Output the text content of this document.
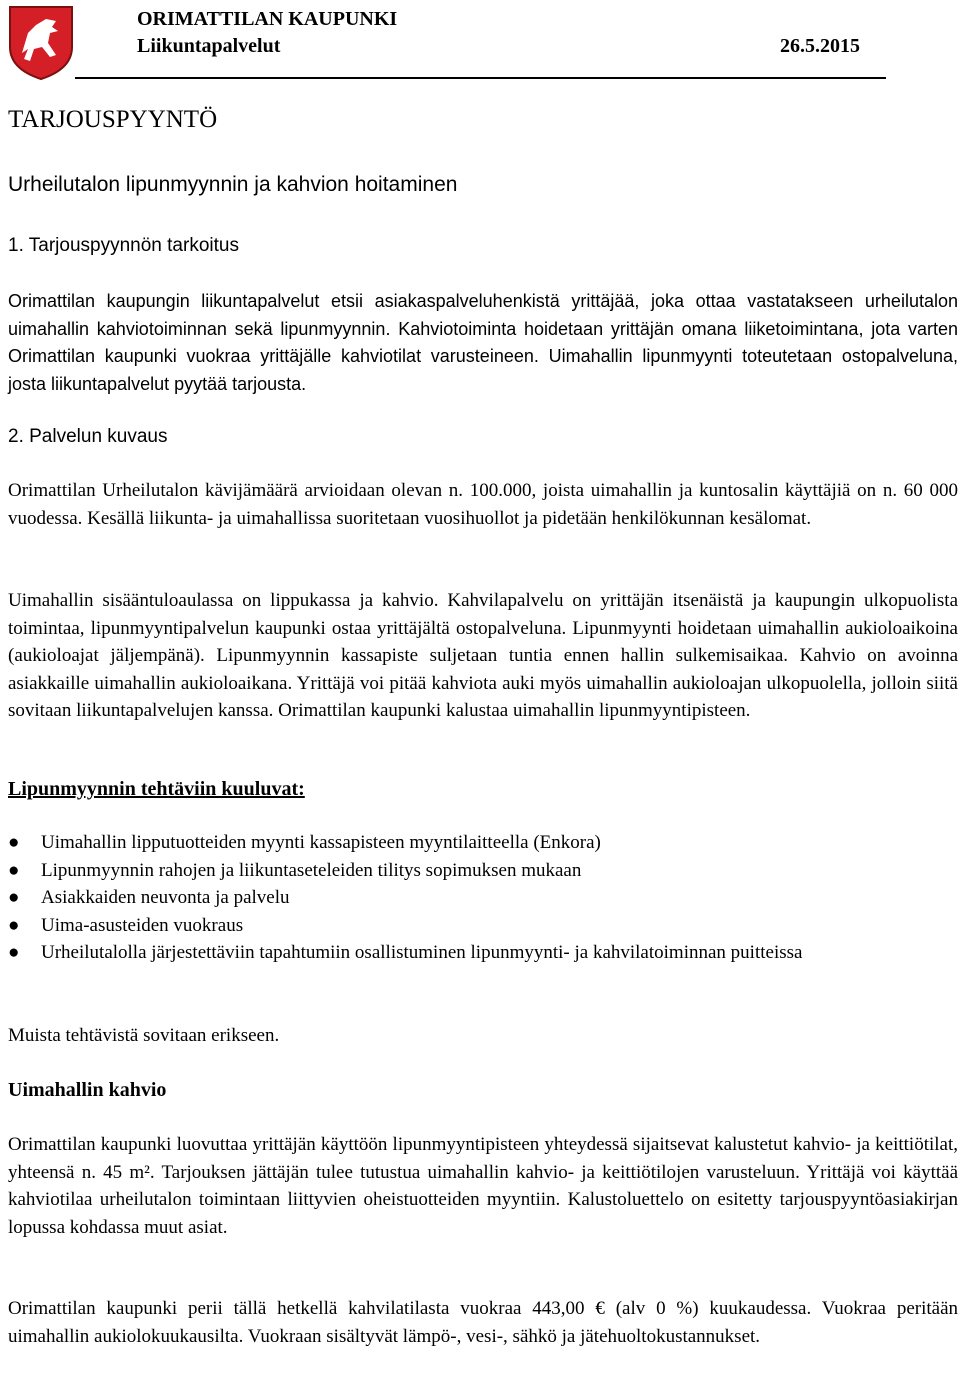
ORIMATTILAN KAUPUNKI
Liikuntapalvelut	26.5.2015
TARJOUSPYYNTÖ
Urheilutalon lipunmyynnin ja kahvion hoitaminen
1. Tarjouspyynnön tarkoitus

Orimattilan kaupungin liikuntapalvelut etsii asiakaspalveluhenkistä yrittäjää, joka ottaa vastatakseen urheilutalon uimahallin kahviotoiminnan sekä lipunmyynnin. Kahviotoiminta hoidetaan yrittäjän omana liiketoimintana, jota varten Orimattilan kaupunki vuokraa yrittäjälle kahviotilat varusteineen. Uimahallin lipunmyynti toteutetaan ostopalveluna, josta liikuntapalvelut pyytää tarjousta.

2. Palvelun kuvaus

Orimattilan Urheilutalon kävijämäärä arvioidaan olevan n. 100.000, joista uimahallin ja kuntosalin käyttäjiä on n. 60 000 vuodessa. Kesällä liikunta- ja uimahallissa suoritetaan vuosihuollot ja pidetään henkilökunnan kesälomat.

Uimahallin sisääntuloaulassa on lippukassa ja kahvio. Kahvilapalvelu on yrittäjän itsenäistä ja kaupungin ulkopuolista toimintaa, lipunmyyntipalvelun kaupunki ostaa yrittäjältä ostopalveluna. Lipunmyynti hoidetaan uimahallin aukioloaikoina (aukioloajat jäljempänä). Lipunmyynnin kassapiste suljetaan tuntia ennen hallin sulkemisaikaa. Kahvio on avoinna asiakkaille uimahallin aukioloaikana. Yrittäjä voi pitää kahviota auki myös uimahallin aukioloajan ulkopuolella, jolloin siitä sovitaan liikuntapalvelujen kanssa. Orimattilan kaupunki kalustaa uimahallin lipunmyyntipisteen.

Lipunmyynnin tehtäviin kuuluvat:
● Uimahallin lipputuotteiden myynti kassapisteen myyntilaitteella (Enkora)
● Lipunmyynnin rahojen ja liikuntaseteleiden tilitys sopimuksen mukaan
● Asiakkaiden neuvonta ja palvelu
● Uima-asusteiden vuokraus
● Urheilutalolla järjestettäviin tapahtumiin osallistuminen lipunmyynti- ja kahvilatoiminnan puitteissa
Muista tehtävistä sovitaan erikseen.
Uimahallin kahvio

Orimattilan kaupunki luovuttaa yrittäjän käyttöön lipunmyyntipisteen yhteydessä sijaitsevat kalustetut kahvio- ja keittiötilat, yhteensä n. 45 m². Tarjouksen jättäjän tulee tutustua uimahallin kahvio- ja keittiötilojen varusteluun. Yrittäjä voi käyttää kahviotilaa urheilutalon toimintaan liittyvien oheistuotteiden myyntiin. Kalustoluettelo on esitetty tarjouspyyntöasiakirjan lopussa kohdassa muut asiat.

Orimattilan kaupunki perii tällä hetkellä kahvilatilasta vuokraa 443,00 € (alv 0 %) kuukaudessa. Vuokraa peritään uimahallin aukiolokuukausilta. Vuokraan sisältyvät lämpö-, vesi-, sähkö ja jätehuoltokustannukset.
